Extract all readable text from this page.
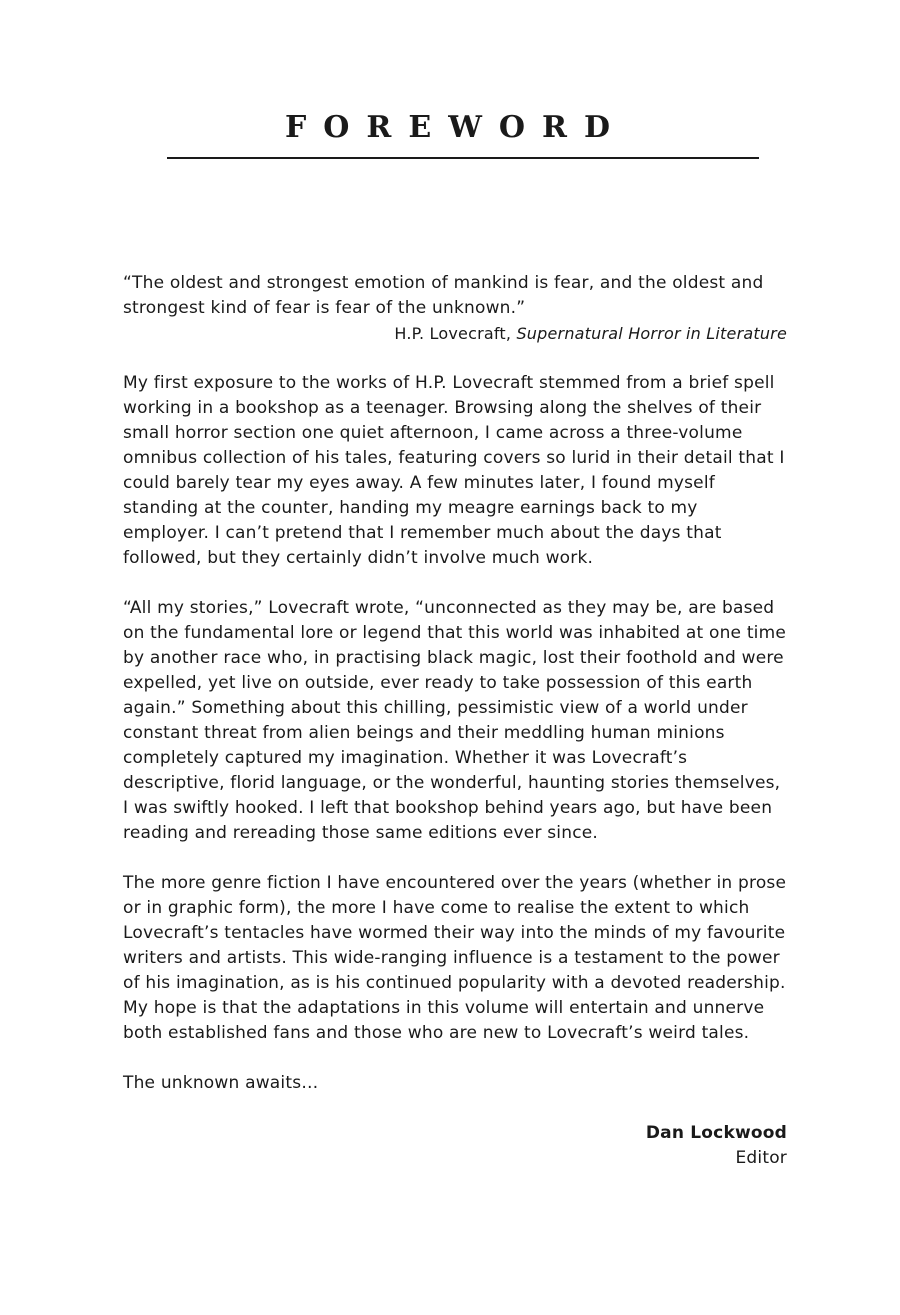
FOREWORD

“The oldest and strongest emotion of mankind is fear, and the oldest and strongest kind of fear is fear of the unknown.”

H.P. Lovecraft, Supernatural Horror in Literature

My first exposure to the works of H.P. Lovecraft stemmed from a brief spell working in a bookshop as a teenager. Browsing along the shelves of their small horror section one quiet afternoon, I came across a three-volume omnibus collection of his tales, featuring covers so lurid in their detail that I could barely tear my eyes away. A few minutes later, I found myself standing at the counter, handing my meagre earnings back to my employer. I can’t pretend that I remember much about the days that followed, but they certainly didn’t involve much work.

“All my stories,” Lovecraft wrote, “unconnected as they may be, are based on the fundamental lore or legend that this world was inhabited at one time by another race who, in practising black magic, lost their foothold and were expelled, yet live on outside, ever ready to take possession of this earth again.” Something about this chilling, pessimistic view of a world under constant threat from alien beings and their meddling human minions completely captured my imagination. Whether it was Lovecraft’s descriptive, florid language, or the wonderful, haunting stories themselves, I was swiftly hooked. I left that bookshop behind years ago, but have been reading and rereading those same editions ever since.

The more genre fiction I have encountered over the years (whether in prose or in graphic form), the more I have come to realise the extent to which Lovecraft’s tentacles have wormed their way into the minds of my favourite writers and artists. This wide-ranging influence is a testament to the power of his imagination, as is his continued popularity with a devoted readership. My hope is that the adaptations in this volume will entertain and unnerve both established fans and those who are new to Lovecraft’s weird tales.

The unknown awaits…

Dan Lockwood
Editor
